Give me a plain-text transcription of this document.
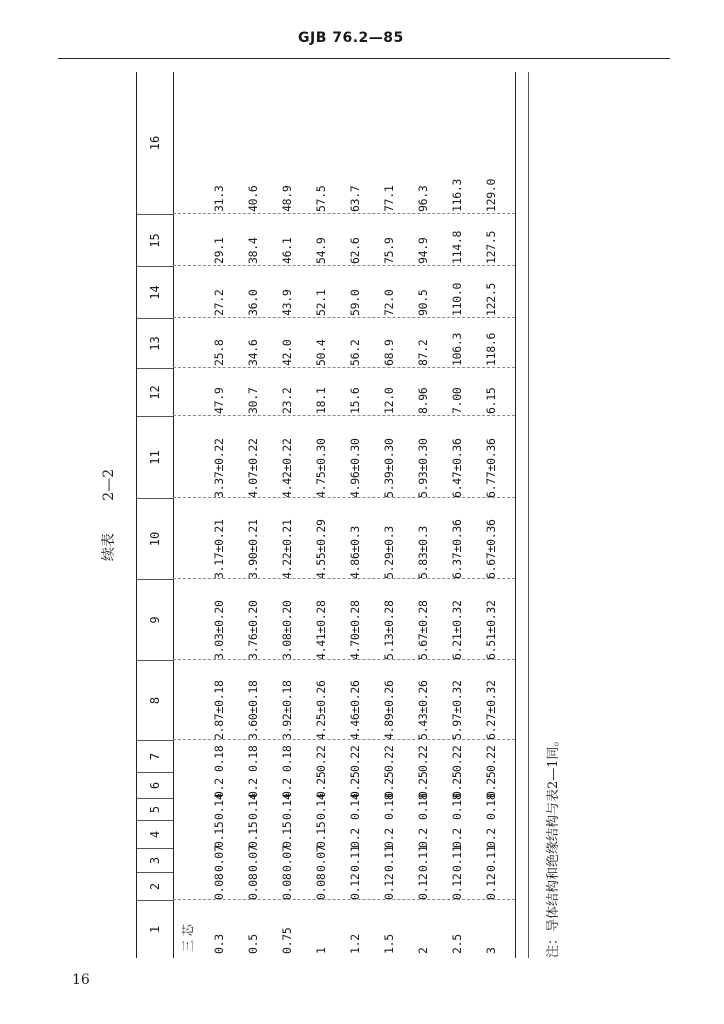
GJB 76.2—85
续表 2—2
1
2
3
4
5
6
7
8
9
10
11
12
13
14
15
16
三 芯	0.3
0.08
0.07
0.15
0.14
0.2
0.18
2.87±0.18
3.03±0.20
3.17±0.21
3.37±0.22
47.9
25.8
27.2
29.1
31.3
0.5
0.08
0.07
0.15
0.14
0.2
0.18
3.60±0.18
3.76±0.20
3.90±0.21
4.07±0.22
30.7
34.6
36.0
38.4
40.6
0.75
0.08
0.07
0.15
0.14
0.2
0.18
3.92±0.18
3.08±0.20
4.22±0.21
4.42±0.22
23.2
42.0
43.9
46.1
48.9
1
0.08
0.07
0.15
0.14
0.25
0.22
4.25±0.26
4.41±0.28
4.55±0.29
4.75±0.30
18.1
50.4
52.1
54.9
57.5
1.2
0.12
0.11
0.2
0.14
0.25
0.22
4.46±0.26
4.70±0.28
4.86±0.3
4.96±0.30
15.6
56.2
59.0
62.6
63.7
1.5
0.12
0.11
0.2
0.18
0.25
0.22
4.89±0.26
5.13±0.28
5.29±0.3
5.39±0.30
12.0
68.9
72.0
75.9
77.1
2
0.12
0.11
0.2
0.18
0.25
0.22
5.43±0.26
5.67±0.28
5.83±0.3
5.93±0.30
8.96
87.2
90.5
94.9
96.3
2.5
0.12
0.11
0.2
0.18
0.25
0.22
5.97±0.32
6.21±0.32
6.37±0.36
6.47±0.36
7.00
106.3
110.0
114.8
116.3
3
0.12
0.11
0.2
0.18
0.25
0.22
6.27±0.32
6.51±0.32
6.67±0.36
6.77±0.36
6.15
118.6
122.5
127.5
129.0
注：导体结构和绝缘结构与表2—1同。
16
